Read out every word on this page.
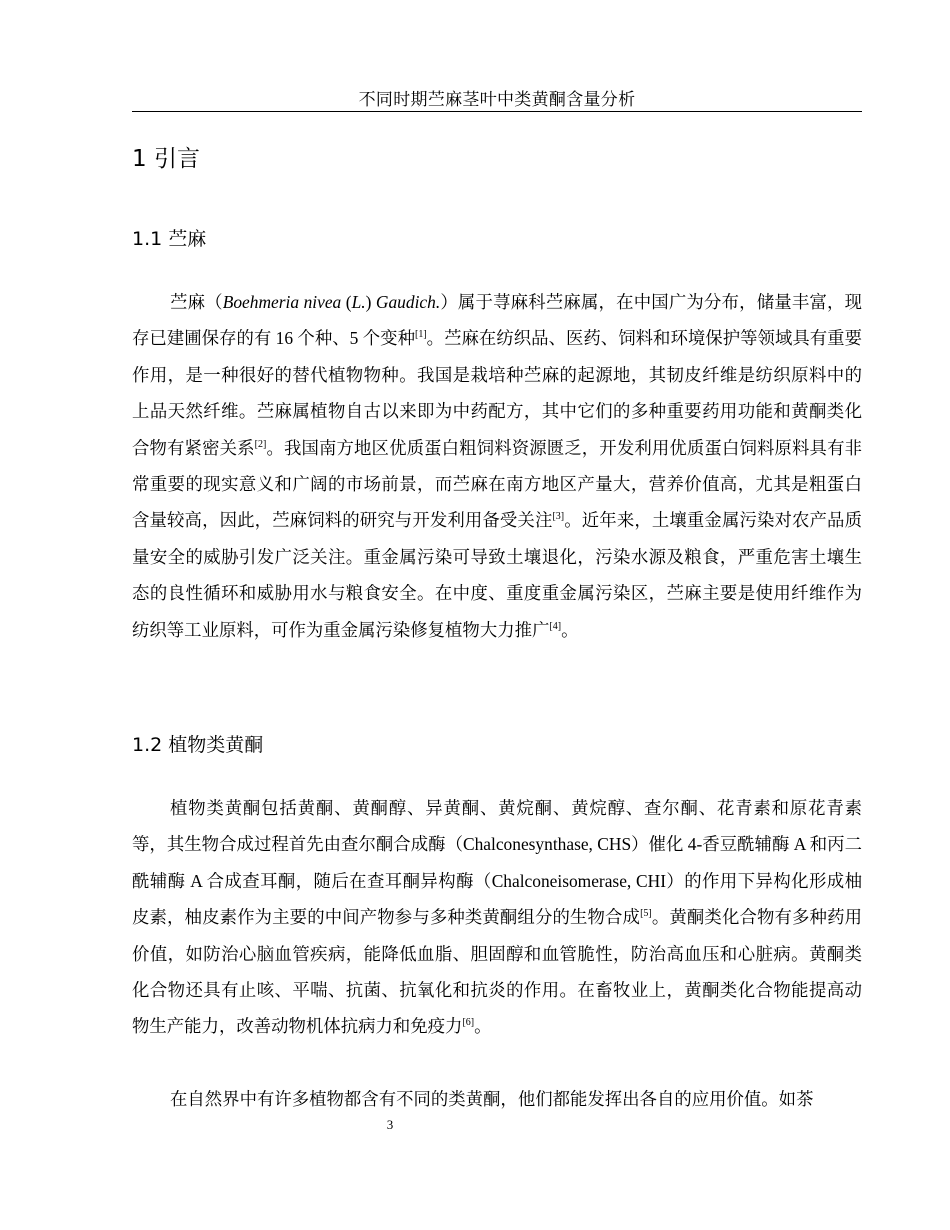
不同时期苎麻茎叶中类黄酮含量分析
1 引言
1.1 苎麻

苎麻（Boehmeria nivea (L.) Gaudich.）属于荨麻科苎麻属，在中国广为分布，储量丰富，现存已建圃保存的有 16 个种、5 个变种[1]。苎麻在纺织品、医药、饲料和环境保护等领域具有重要作用，是一种很好的替代植物物种。我国是栽培种苎麻的起源地，其韧皮纤维是纺织原料中的上品天然纤维。苎麻属植物自古以来即为中药配方，其中它们的多种重要药用功能和黄酮类化合物有紧密关系[2]。我国南方地区优质蛋白粗饲料资源匮乏，开发利用优质蛋白饲料原料具有非常重要的现实意义和广阔的市场前景，而苎麻在南方地区产量大，营养价值高，尤其是粗蛋白含量较高，因此，苎麻饲料的研究与开发利用备受关注[3]。近年来，土壤重金属污染对农产品质量安全的威胁引发广泛关注。重金属污染可导致土壤退化，污染水源及粮食，严重危害土壤生态的良性循环和威胁用水与粮食安全。在中度、重度重金属污染区，苎麻主要是使用纤维作为纺织等工业原料，可作为重金属污染修复植物大力推广[4]。

1.2 植物类黄酮

植物类黄酮包括黄酮、黄酮醇、异黄酮、黄烷酮、黄烷醇、查尔酮、花青素和原花青素等，其生物合成过程首先由查尔酮合成酶（Chalconesynthase, CHS）催化 4-香豆酰辅酶 A 和丙二酰辅酶 A 合成查耳酮，随后在查耳酮异构酶（Chalconeisomerase, CHI）的作用下异构化形成柚皮素，柚皮素作为主要的中间产物参与多种类黄酮组分的生物合成[5]。黄酮类化合物有多种药用价值，如防治心脑血管疾病，能降低血脂、胆固醇和血管脆性，防治高血压和心脏病。黄酮类化合物还具有止咳、平喘、抗菌、抗氧化和抗炎的作用。在畜牧业上，黄酮类化合物能提高动物生产能力，改善动物机体抗病力和免疫力[6]。

在自然界中有许多植物都含有不同的类黄酮，他们都能发挥出各自的应用价值。如茶

3
